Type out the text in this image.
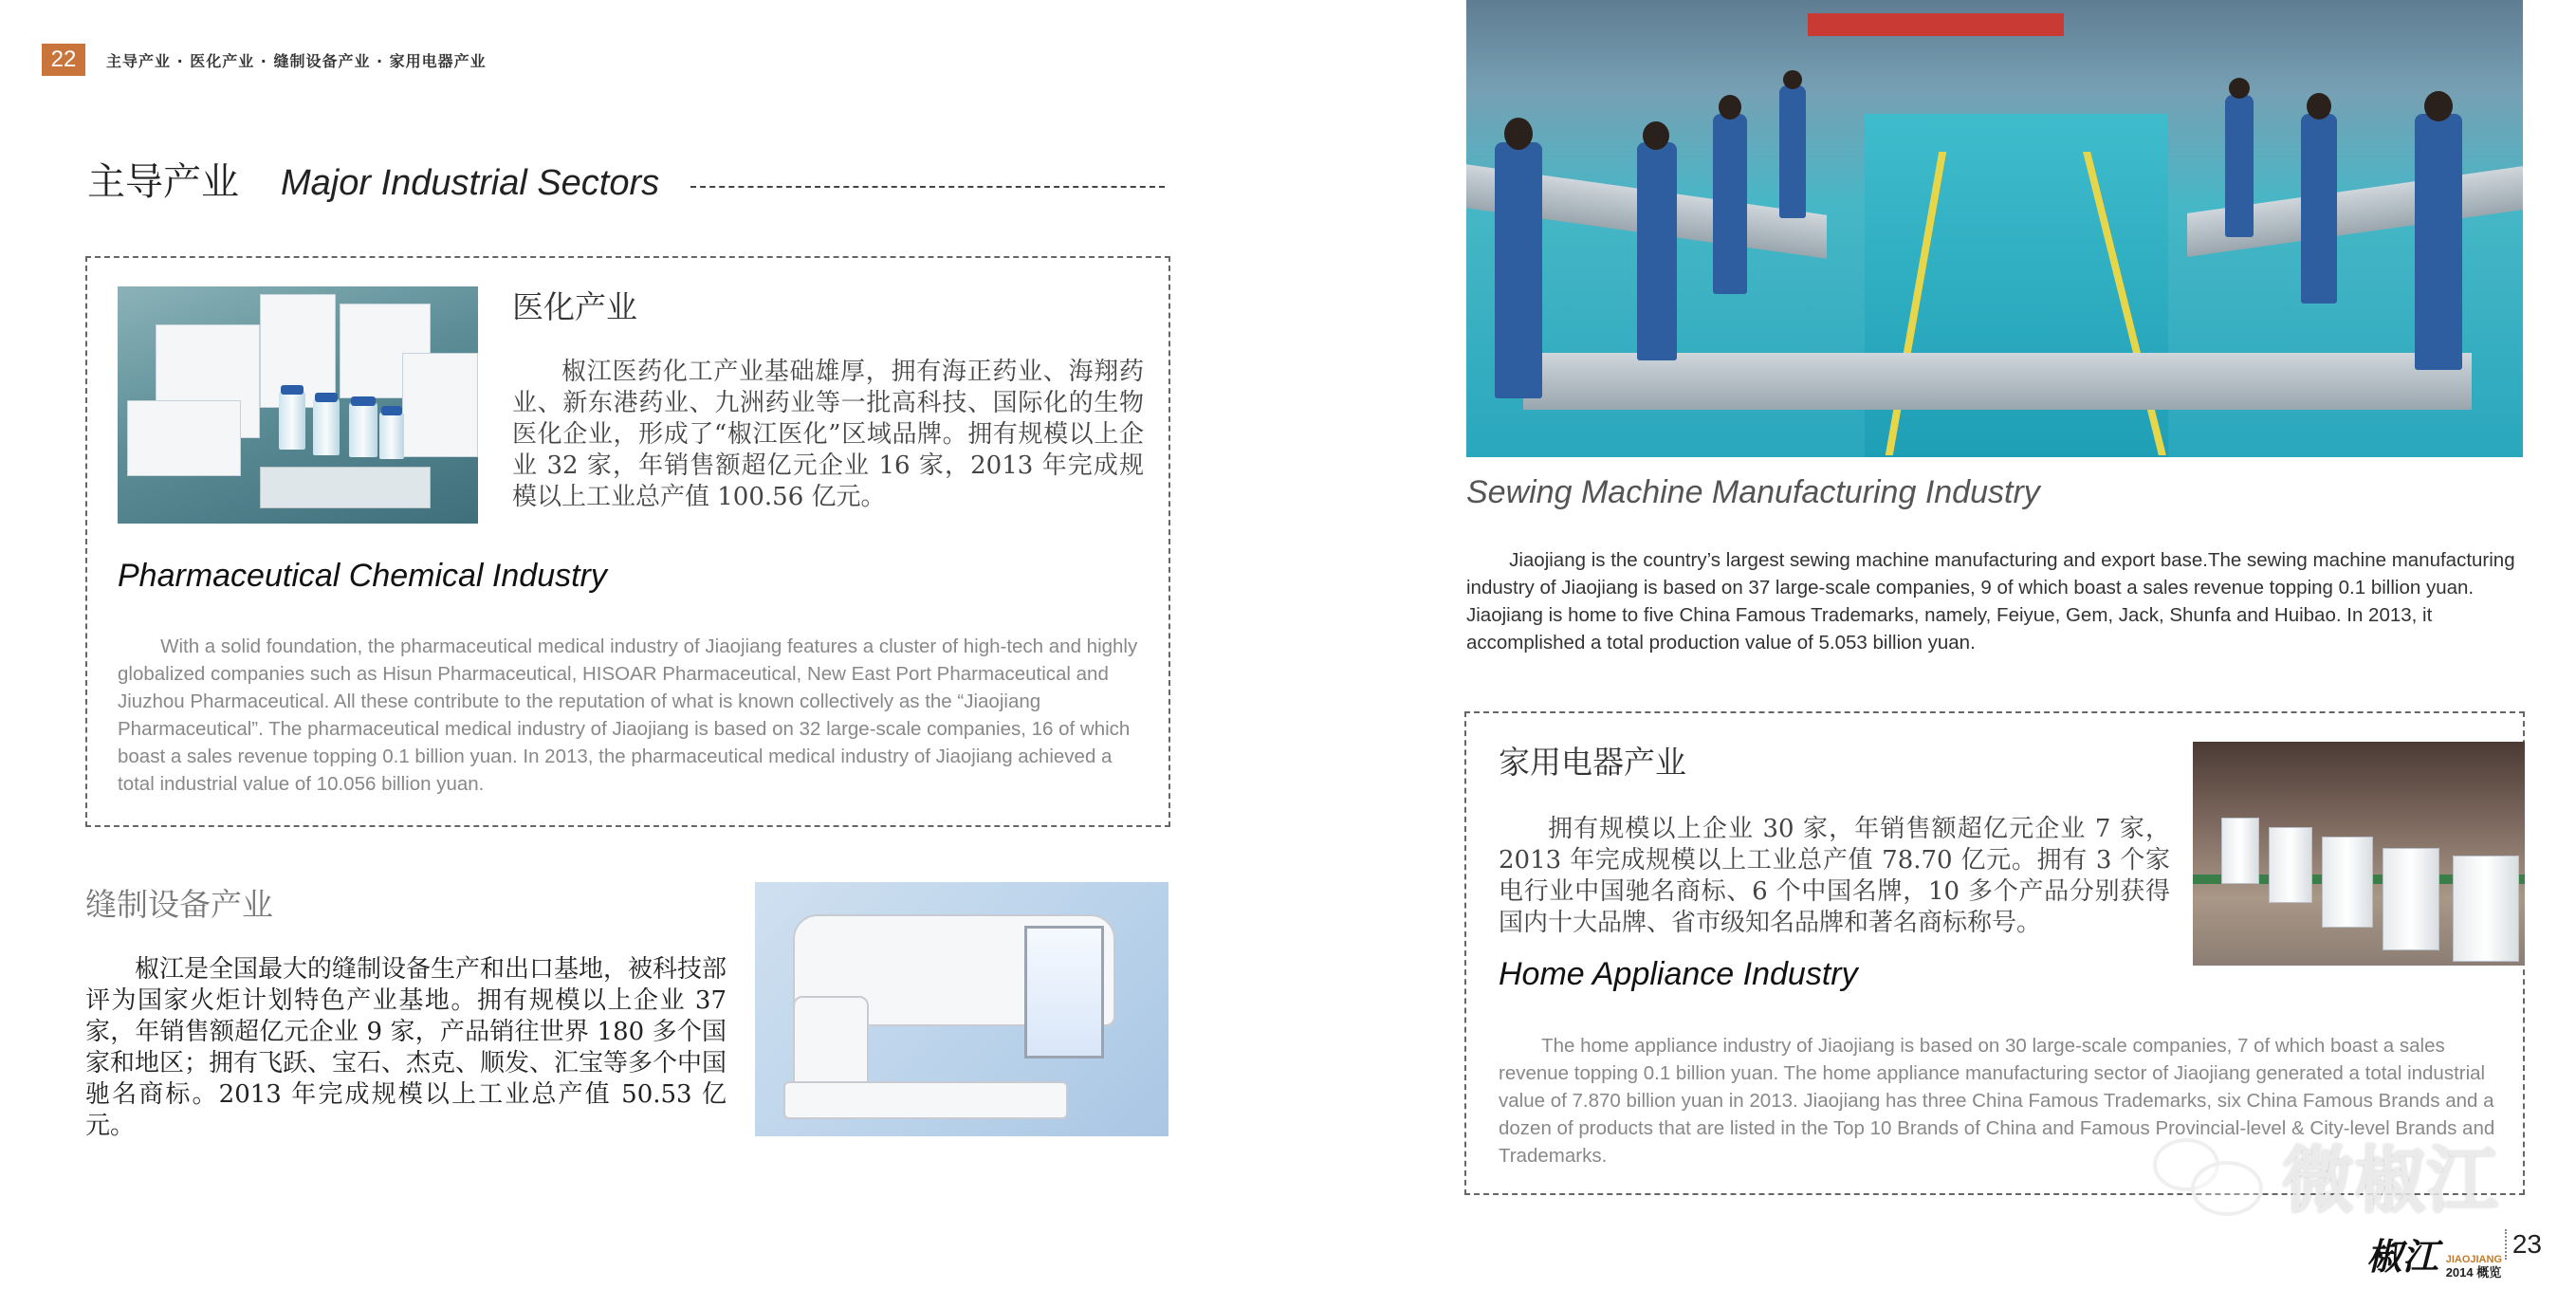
22	主导产业 · 医化产业 · 缝制设备产业 · 家用电器产业
主导产业 Major Industrial Sectors
医化产业
椒江医药化工产业基础雄厚，拥有海正药业、海翔药业、新东港药业、九洲药业等一批高科技、国际化的生物医化企业，形成了“椒江医化”区域品牌。拥有规模以上企业 32 家，年销售额超亿元企业 16 家，2013 年完成规模以上工业总产值 100.56 亿元。
Pharmaceutical Chemical Industry
With a solid foundation, the pharmaceutical medical industry of Jiaojiang features a cluster of high-tech and highly globalized companies such as Hisun Pharmaceutical, HISOAR Pharmaceutical, New East Port Pharmaceutical and Jiuzhou Pharmaceutical. All these contribute to the reputation of what is known collectively as the “Jiaojiang Pharmaceutical”. The pharmaceutical medical industry of Jiaojiang is based on 32 large-scale companies, 16 of which boast a sales revenue topping 0.1 billion yuan. In 2013, the pharmaceutical medical industry of Jiaojiang achieved a total industrial value of 10.056 billion yuan.
缝制设备产业
椒江是全国最大的缝制设备生产和出口基地，被科技部评为国家火炬计划特色产业基地。拥有规模以上企业 37 家，年销售额超亿元企业 9 家，产品销往世界 180 多个国家和地区；拥有飞跃、宝石、杰克、顺发、汇宝等多个中国驰名商标。2013 年完成规模以上工业总产值 50.53 亿元。
Sewing Machine Manufacturing Industry
Jiaojiang is the country’s largest sewing machine manufacturing and export base.The sewing machine manufacturing industry of Jiaojiang is based on 37 large-scale companies, 9 of which boast a sales revenue topping 0.1 billion yuan. Jiaojiang is home to five China Famous Trademarks, namely, Feiyue, Gem, Jack, Shunfa and Huibao. In 2013, it accomplished a total production value of 5.053 billion yuan.
家用电器产业
拥有规模以上企业 30 家，年销售额超亿元企业 7 家，2013 年完成规模以上工业总产值 78.70 亿元。拥有 3 个家电行业中国驰名商标、6 个中国名牌，10 多个产品分别获得国内十大品牌、省市级知名品牌和著名商标称号。
Home Appliance Industry
The home appliance industry of Jiaojiang is based on 30 large-scale companies, 7 of which boast a sales revenue topping 0.1 billion yuan. The home appliance manufacturing sector of Jiaojiang generated a total industrial value of 7.870 billion yuan in 2013. Jiaojiang has three China Famous Trademarks, six China Famous Brands and a dozen of products that are listed in the Top 10 Brands of China and Famous Provincial-level & City-level Brands and Trademarks.	微椒江
椒江 JIAOJIANG
2014 概览
23
